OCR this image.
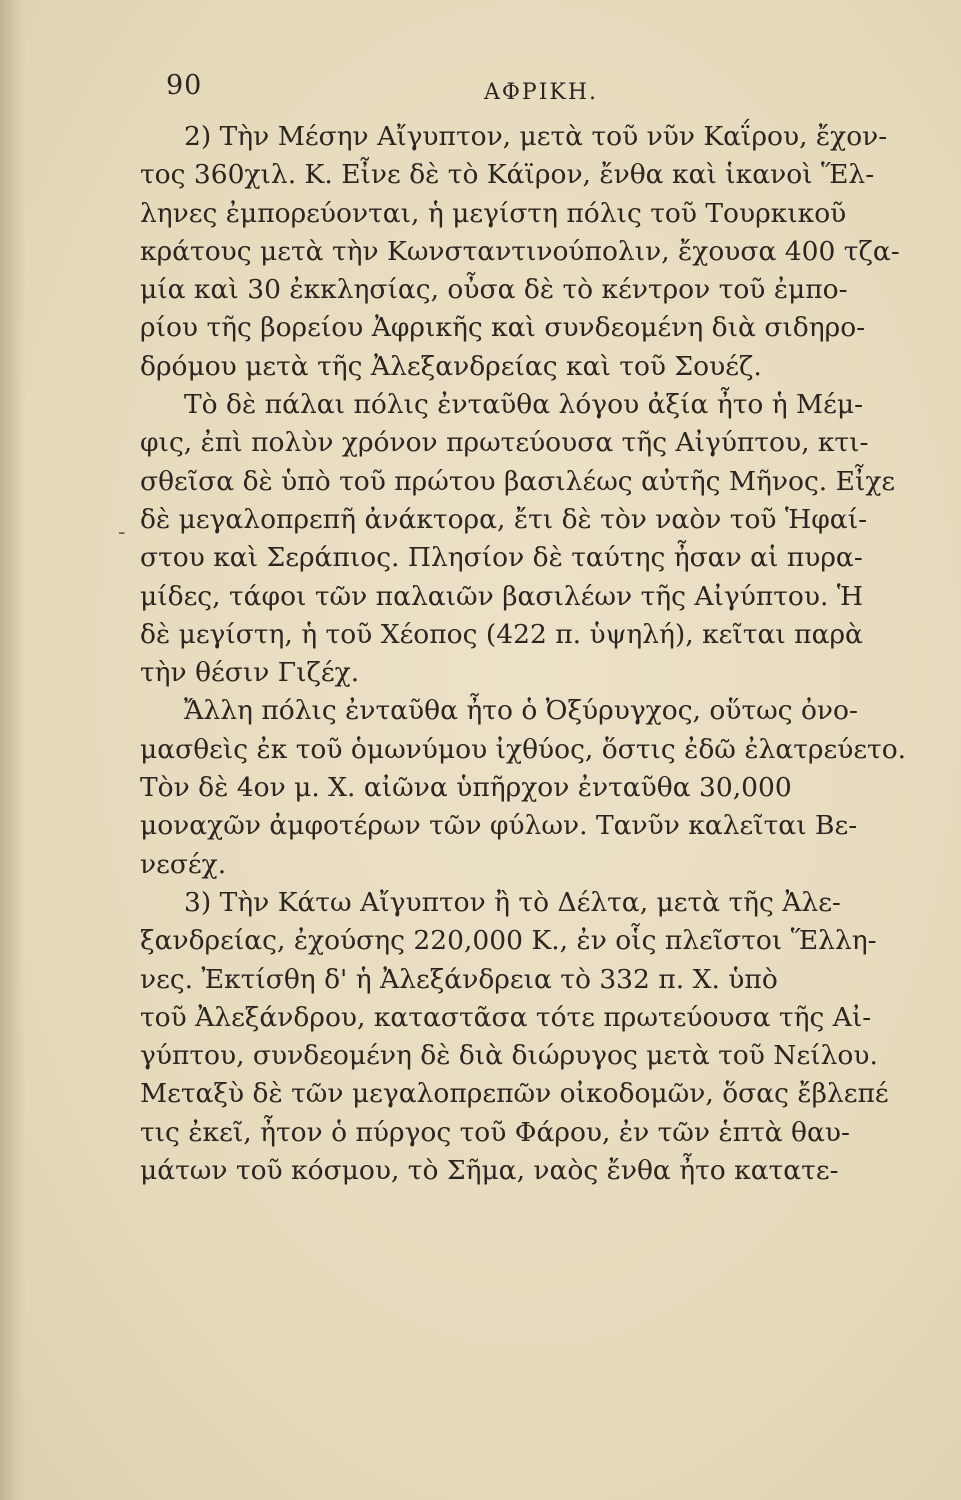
90	ΑΦΡΙΚΗ.
-
2) Τὴν Μέσην Αἴγυπτον, μετὰ τοῦ νῦν Καΐρου, ἔχον-
τος 360χιλ. Κ. Εἶνε δὲ τὸ Κάϊρον, ἔνθα καὶ ἱκανοὶ Ἕλ-
ληνες ἐμπορεύονται, ἡ μεγίστη πόλις τοῦ Τουρκικοῦ
κράτους μετὰ τὴν Κωνσταντινούπολιν, ἔχουσα 400 τζα-
μία καὶ 30 ἐκκλησίας, οὖσα δὲ τὸ κέντρον τοῦ ἐμπο-
ρίου τῆς βορείου Ἀφρικῆς καὶ συνδεομένη διὰ σιδηρο-
δρόμου μετὰ τῆς Ἀλεξανδρείας καὶ τοῦ Σουέζ.
Τὸ δὲ πάλαι πόλις ἐνταῦθα λόγου ἀξία ἦτο ἡ Μέμ-
φις, ἐπὶ πολὺν χρόνον πρωτεύουσα τῆς Αἰγύπτου, κτι-
σθεῖσα δὲ ὑπὸ τοῦ πρώτου βασιλέως αὐτῆς Μῆνος. Εἶχε
δὲ μεγαλοπρεπῆ ἀνάκτορα, ἔτι δὲ τὸν ναὸν τοῦ Ἡφαί-
στου καὶ Σεράπιος. Πλησίον δὲ ταύτης ἦσαν αἱ πυρα-
μίδες, τάφοι τῶν παλαιῶν βασιλέων τῆς Αἰγύπτου. Ἡ
δὲ μεγίστη, ἡ τοῦ Χέοπος (422 π. ὑψηλή), κεῖται παρὰ
τὴν θέσιν Γιζέχ.
Ἄλλη πόλις ἐνταῦθα ἦτο ὁ Ὀξύρυγχος, οὕτως ὀνο-
μασθεὶς ἐκ τοῦ ὁμωνύμου ἰχθύος, ὅστις ἐδῶ ἐλατρεύετο.
Τὸν δὲ 4ον μ. Χ. αἰῶνα ὑπῆρχον ἐνταῦθα 30,000
μοναχῶν ἀμφοτέρων τῶν φύλων. Τανῦν καλεῖται Βε-
νεσέχ.
3) Τὴν Κάτω Αἴγυπτον ἢ τὸ Δέλτα, μετὰ τῆς Ἀλε-
ξανδρείας, ἐχούσης 220,000 Κ., ἐν οἷς πλεῖστοι Ἕλλη-
νες. Ἐκτίσθη δ' ἡ Ἀλεξάνδρεια τὸ 332 π. Χ. ὑπὸ
τοῦ Ἀλεξάνδρου, καταστᾶσα τότε πρωτεύουσα τῆς Αἰ-
γύπτου, συνδεομένη δὲ διὰ διώρυγος μετὰ τοῦ Νείλου.
Μεταξὺ δὲ τῶν μεγαλοπρεπῶν οἰκοδομῶν, ὅσας ἔβλεπέ
τις ἐκεῖ, ἦτον ὁ πύργος τοῦ Φάρου, ἐν τῶν ἑπτὰ θαυ-
μάτων τοῦ κόσμου, τὸ Σῆμα, ναὸς ἔνθα ἦτο κατατε-
